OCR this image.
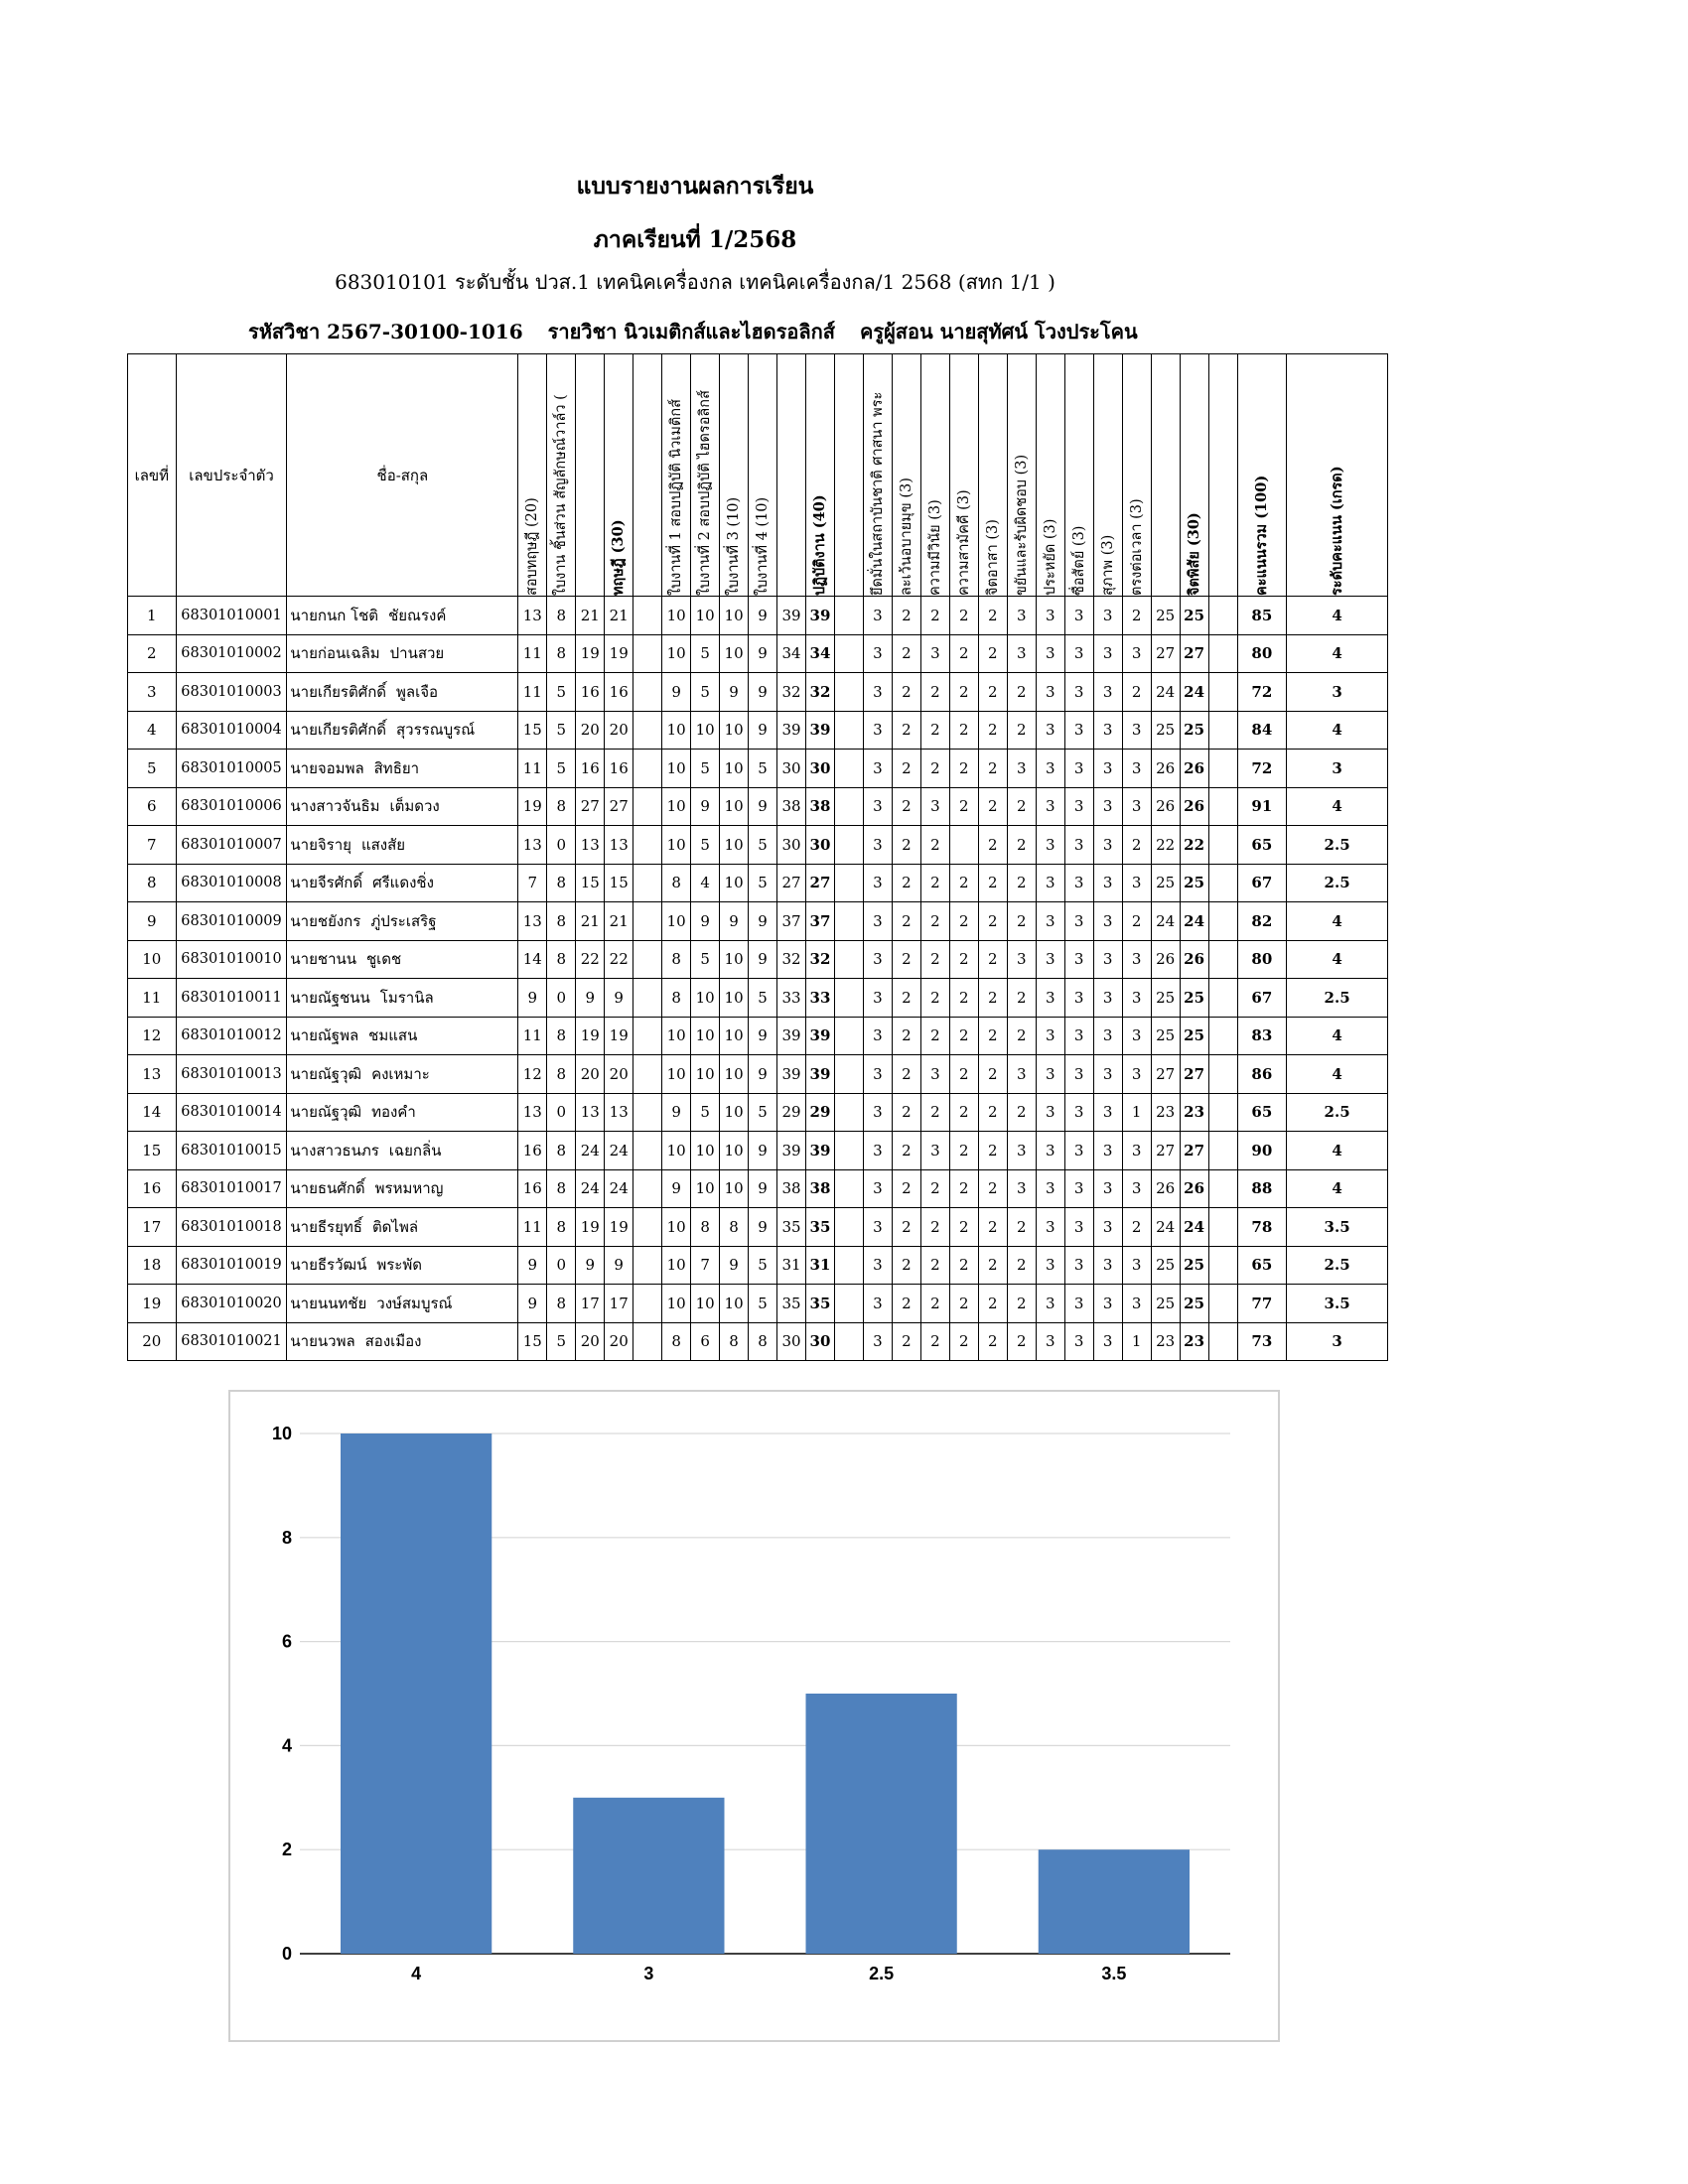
แบบรายงานผลการเรียน
ภาคเรียนที่ 1/2568
683010101 ระดับชั้น ปวส.1 เทคนิคเครื่องกล เทคนิคเครื่องกล/1 2568 (สทก 1/1 )
รหัสวิชา 2567-30100-1016 รายวิชา นิวเมติกส์และไฮดรอลิกส์ ครูผู้สอน นายสุทัศน์ โวงประโคน
เลขที่	เลขประจำตัว	ชื่อ-สกุล	สอบทฤษฎี (20)	ใบงาน ชิ้นส่วน สัญลักษณ์วาล์ว (		ทฤษฎี (30)		ใบงานที่ 1 สอบปฏิบัติ นิวเมติกส์	ใบงานที่ 2 สอบปฏิบัติ ไฮดรอลิกส์	ใบงานที่ 3 (10)	ใบงานที่ 4 (10)		ปฏิบัติงาน (40)		ยึดมั่นในสถาบันชาติ ศาสนา พระ	ละเว้นอบายมุข (3)	ความมีวินัย (3)	ความสามัคคี (3)	จิตอาสา (3)	ขยันและรับผิดชอบ (3)	ประหยัด (3)	ซื่อสัตย์ (3)	สุภาพ (3)	ตรงต่อเวลา (3)		จิตพิสัย (30)		คะแนนรวม (100)	ระดับคะแนน (เกรด)

1	68301010001	นายกนก โชติ ชัยณรงค์	13	8	21	21		10	10	10	9	39	39		3	2	2	2	2	3	3	3	3	2	25	25		85	4
2	68301010002	นายก่อนเฉลิม ปานสวย	11	8	19	19		10	5	10	9	34	34		3	2	3	2	2	3	3	3	3	3	27	27		80	4
3	68301010003	นายเกียรติศักดิ์ พูลเจือ	11	5	16	16		9	5	9	9	32	32		3	2	2	2	2	2	3	3	3	2	24	24		72	3
4	68301010004	นายเกียรติศักดิ์ สุวรรณบูรณ์	15	5	20	20		10	10	10	9	39	39		3	2	2	2	2	2	3	3	3	3	25	25		84	4
5	68301010005	นายจอมพล สิทธิยา	11	5	16	16		10	5	10	5	30	30		3	2	2	2	2	3	3	3	3	3	26	26		72	3
6	68301010006	นางสาวจันธิม เต็มดวง	19	8	27	27		10	9	10	9	38	38		3	2	3	2	2	2	3	3	3	3	26	26		91	4
7	68301010007	นายจิรายุ แสงสัย	13	0	13	13		10	5	10	5	30	30		3	2	2		2	2	3	3	3	2	22	22		65	2.5
8	68301010008	นายจีรศักดิ์ ศรีแดงชิ่ง	7	8	15	15		8	4	10	5	27	27		3	2	2	2	2	2	3	3	3	3	25	25		67	2.5
9	68301010009	นายชยังกร ภู่ประเสริฐ	13	8	21	21		10	9	9	9	37	37		3	2	2	2	2	2	3	3	3	2	24	24		82	4
10	68301010010	นายชานน ชูเดช	14	8	22	22		8	5	10	9	32	32		3	2	2	2	2	3	3	3	3	3	26	26		80	4
11	68301010011	นายณัฐชนน โมรานิล	9	0	9	9		8	10	10	5	33	33		3	2	2	2	2	2	3	3	3	3	25	25		67	2.5
12	68301010012	นายณัฐพล ชมแสน	11	8	19	19		10	10	10	9	39	39		3	2	2	2	2	2	3	3	3	3	25	25		83	4
13	68301010013	นายณัฐวุฒิ คงเหมาะ	12	8	20	20		10	10	10	9	39	39		3	2	3	2	2	3	3	3	3	3	27	27		86	4
14	68301010014	นายณัฐวุฒิ ทองคำ	13	0	13	13		9	5	10	5	29	29		3	2	2	2	2	2	3	3	3	1	23	23		65	2.5
15	68301010015	นางสาวธนภร เฉยกลิ่น	16	8	24	24		10	10	10	9	39	39		3	2	3	2	2	3	3	3	3	3	27	27		90	4
16	68301010017	นายธนศักดิ์ พรหมหาญ	16	8	24	24		9	10	10	9	38	38		3	2	2	2	2	3	3	3	3	3	26	26		88	4
17	68301010018	นายธีรยุทธิ์ ติดไพล่	11	8	19	19		10	8	8	9	35	35		3	2	2	2	2	2	3	3	3	2	24	24		78	3.5
18	68301010019	นายธีรวัฒน์ พระพัด	9	0	9	9		10	7	9	5	31	31		3	2	2	2	2	2	3	3	3	3	25	25		65	2.5
19	68301010020	นายนนทชัย วงษ์สมบูรณ์	9	8	17	17		10	10	10	5	35	35		3	2	2	2	2	2	3	3	3	3	25	25		77	3.5
20	68301010021	นายนวพล สองเมือง	15	5	20	20		8	6	8	8	30	30		3	2	2	2	2	2	3	3	3	1	23	23		73	3
0
2
4
6
8
10
4	3	2.5	3.5
